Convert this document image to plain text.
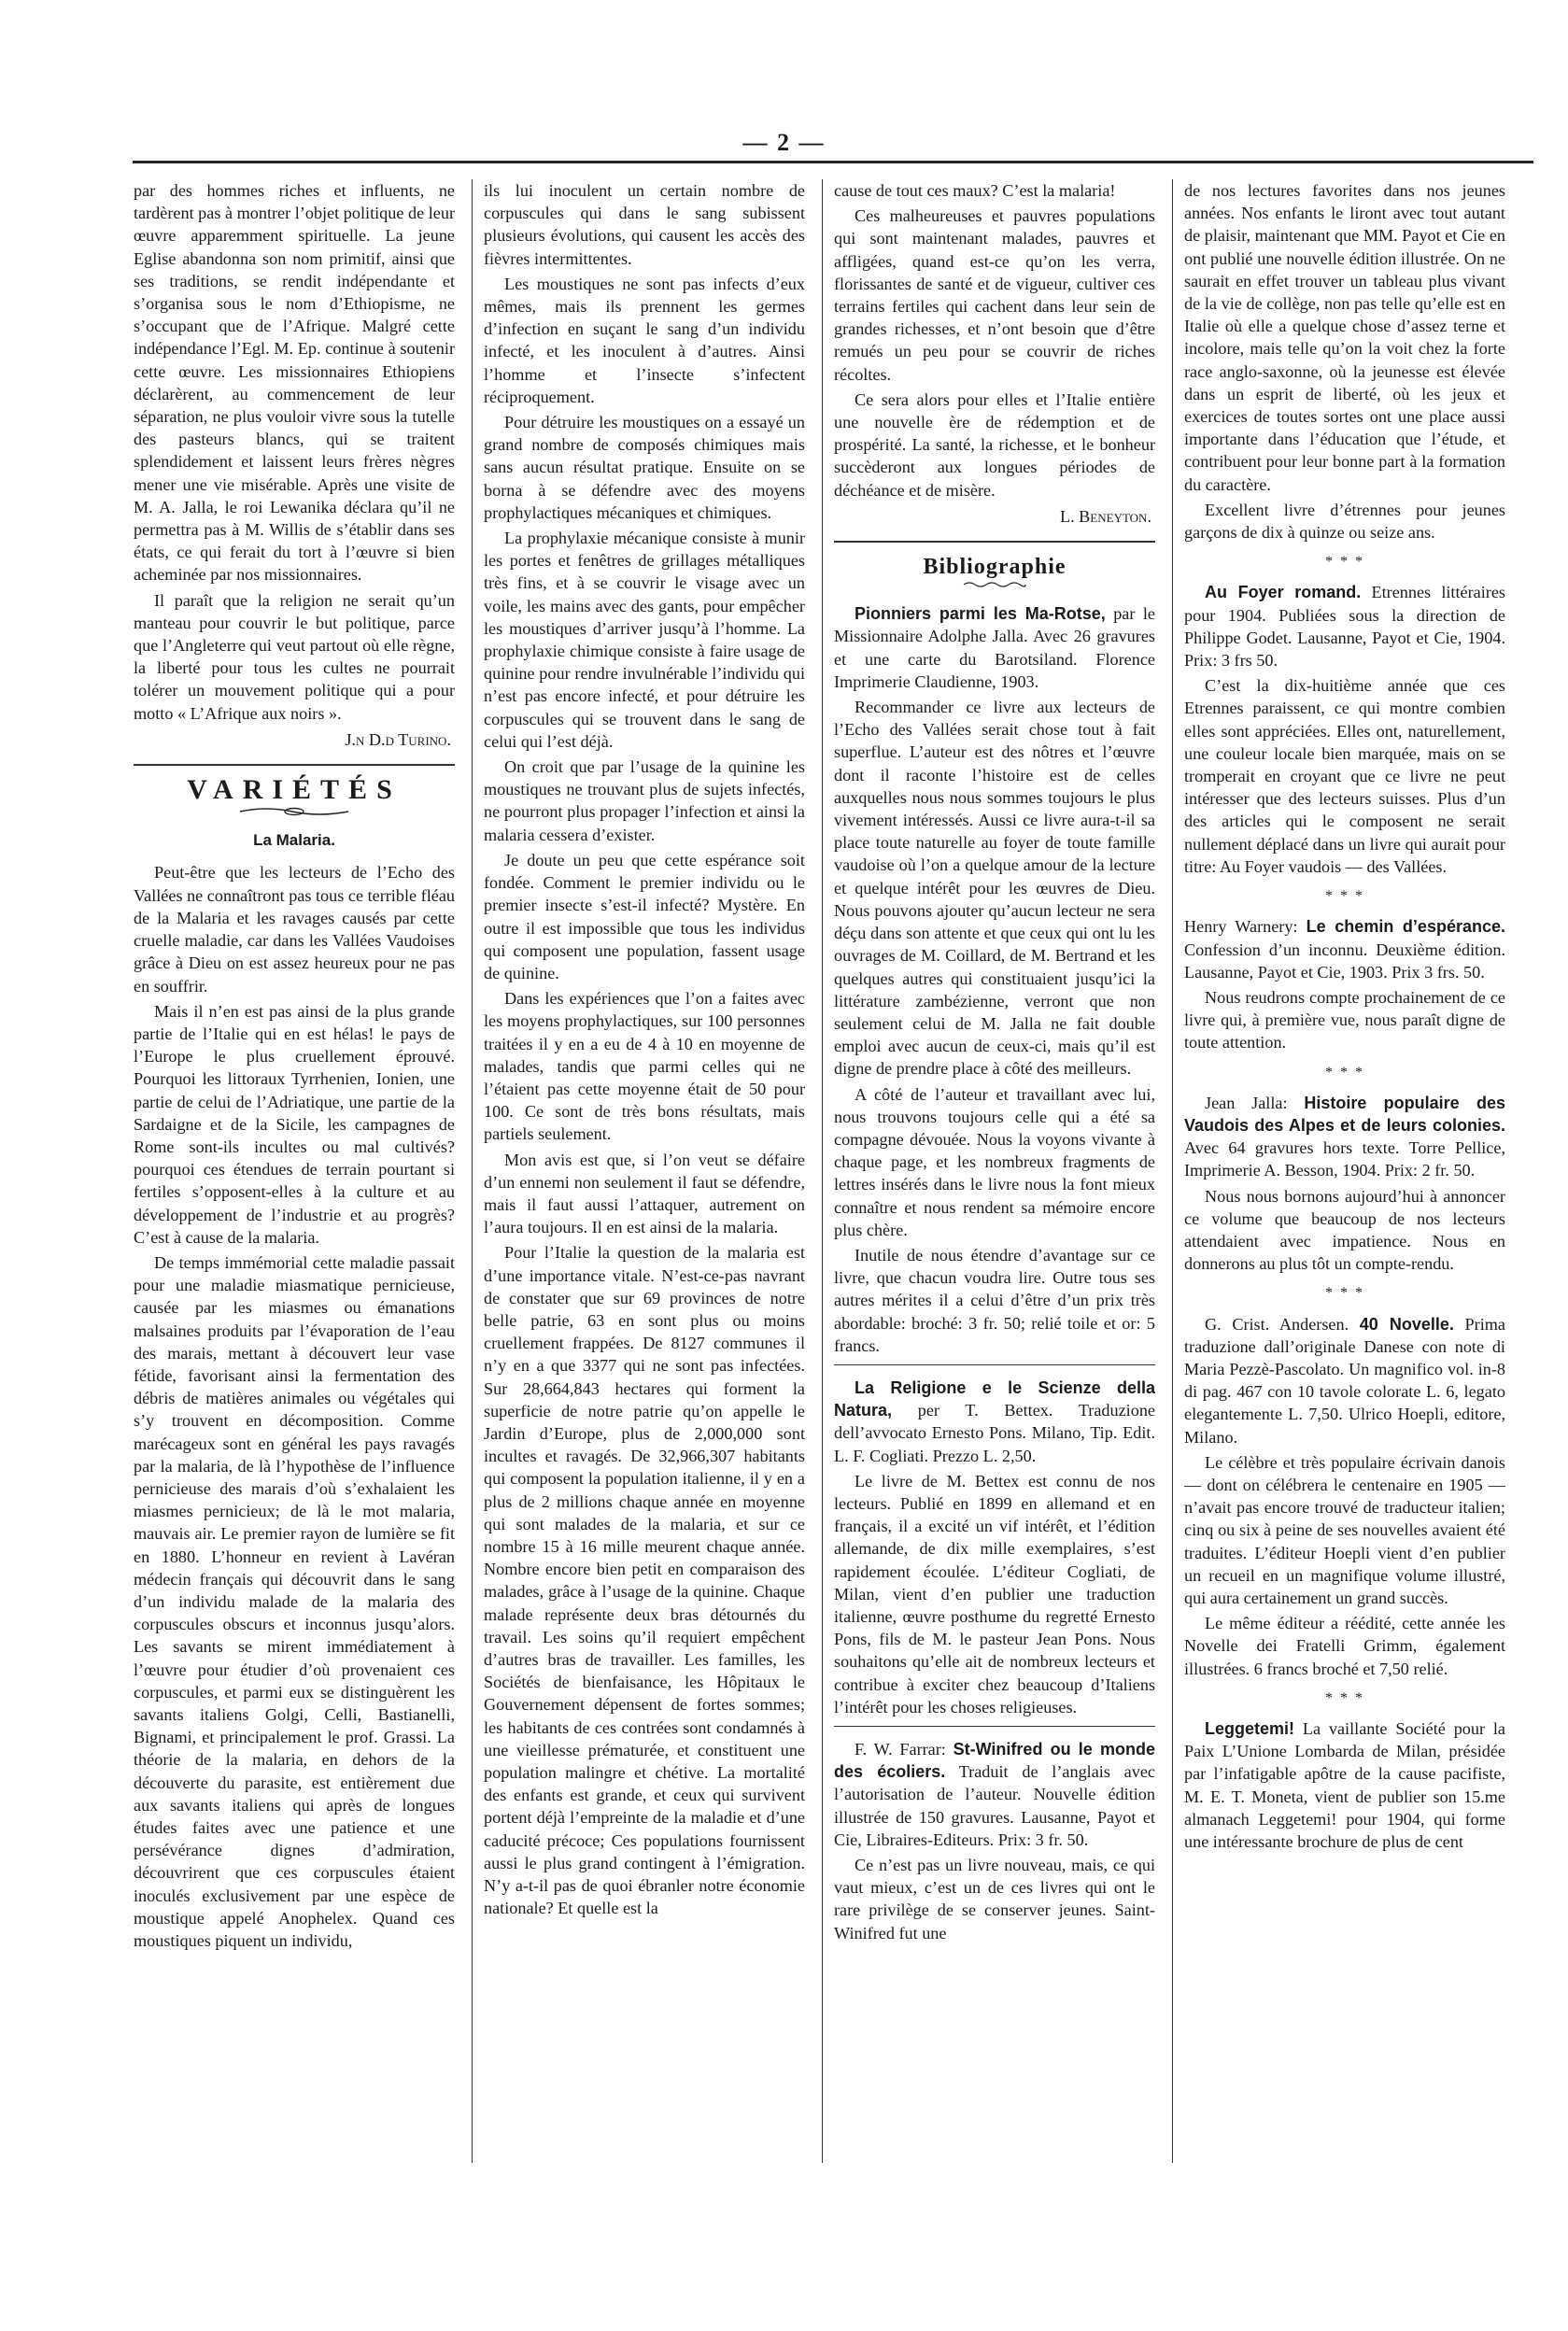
— 2 —

par des hommes riches et influents, ne tardèrent pas à montrer l’objet politique de leur œuvre apparemment spirituelle. La jeune Eglise abandonna son nom primitif, ainsi que ses traditions, se rendit indépendante et s’organisa sous le nom d’Ethiopisme, ne s’occupant que de l’Afrique. Malgré cette indépendance l’Egl. M. Ep. continue à soutenir cette œuvre. Les missionnaires Ethiopiens déclarèrent, au commencement de leur séparation, ne plus vouloir vivre sous la tutelle des pasteurs blancs, qui se traitent splendidement et laissent leurs frères nègres mener une vie misérable. Après une visite de M. A. Jalla, le roi Lewanika déclara qu’il ne permettra pas à M. Willis de s’établir dans ses états, ce qui ferait du tort à l’œuvre si bien acheminée par nos missionnaires.

Il paraît que la religion ne serait qu’un manteau pour couvrir le but politique, parce que l’Angleterre qui veut partout où elle règne, la liberté pour tous les cultes ne pourrait tolérer un mouvement politique qui a pour motto « L’Afrique aux noirs ».

J.n D.d Turino.

VARIÉTÉS
La Malaria.

Peut-être que les lecteurs de l’Echo des Vallées ne connaîtront pas tous ce terrible fléau de la Malaria et les ravages causés par cette cruelle maladie, car dans les Vallées Vaudoises grâce à Dieu on est assez heureux pour ne pas en souffrir.

Mais il n’en est pas ainsi de la plus grande partie de l’Italie qui en est hélas! le pays de l’Europe le plus cruellement éprouvé. Pourquoi les littoraux Tyrrhenien, Ionien, une partie de celui de l’Adriatique, une partie de la Sardaigne et de la Sicile, les campagnes de Rome sont-ils incultes ou mal cultivés? pourquoi ces étendues de terrain pourtant si fertiles s’opposent-elles à la culture et au développement de l’industrie et au progrès? C’est à cause de la malaria.

De temps immémorial cette maladie passait pour une maladie miasmatique pernicieuse, causée par les miasmes ou émanations malsaines produits par l’évaporation de l’eau des marais, mettant à découvert leur vase fétide, favorisant ainsi la fermentation des débris de matières animales ou végétales qui s’y trouvent en décomposition. Comme marécageux sont en général les pays ravagés par la malaria, de là l’hypothèse de l’influence pernicieuse des marais d’où s’exhalaient les miasmes pernicieux; de là le mot malaria, mauvais air. Le premier rayon de lumière se fit en 1880. L’honneur en revient à Lavéran médecin français qui découvrit dans le sang d’un individu malade de la malaria des corpuscules obscurs et inconnus jusqu’alors. Les savants se mirent immédiatement à l’œuvre pour étudier d’où provenaient ces corpuscules, et parmi eux se distinguèrent les savants italiens Golgi, Celli, Bastianelli, Bignami, et principalement le prof. Grassi. La théorie de la malaria, en dehors de la découverte du parasite, est entièrement due aux savants italiens qui après de longues études faites avec une patience et une persévérance dignes d’admiration, découvrirent que ces corpuscules étaient inoculés exclusivement par une espèce de moustique appelé Anophelex. Quand ces moustiques piquent un individu,

ils lui inoculent un certain nombre de corpuscules qui dans le sang subissent plusieurs évolutions, qui causent les accès des fièvres intermittentes.

Les moustiques ne sont pas infects d’eux mêmes, mais ils prennent les germes d’infection en suçant le sang d’un individu infecté, et les inoculent à d’autres. Ainsi l’homme et l’insecte s’infectent réciproquement.

Pour détruire les moustiques on a essayé un grand nombre de composés chimiques mais sans aucun résultat pratique. Ensuite on se borna à se défendre avec des moyens prophylactiques mécaniques et chimiques.

La prophylaxie mécanique consiste à munir les portes et fenêtres de grillages métalliques très fins, et à se couvrir le visage avec un voile, les mains avec des gants, pour empêcher les moustiques d’arriver jusqu’à l’homme. La prophylaxie chimique consiste à faire usage de quinine pour rendre invulnérable l’individu qui n’est pas encore infecté, et pour détruire les corpuscules qui se trouvent dans le sang de celui qui l’est déjà.

On croit que par l’usage de la quinine les moustiques ne trouvant plus de sujets infectés, ne pourront plus propager l’infection et ainsi la malaria cessera d’exister.

Je doute un peu que cette espérance soit fondée. Comment le premier individu ou le premier insecte s’est-il infecté? Mystère. En outre il est impossible que tous les individus qui composent une population, fassent usage de quinine.

Dans les expériences que l’on a faites avec les moyens prophylactiques, sur 100 personnes traitées il y en a eu de 4 à 10 en moyenne de malades, tandis que parmi celles qui ne l’étaient pas cette moyenne était de 50 pour 100. Ce sont de très bons résultats, mais partiels seulement.

Mon avis est que, si l’on veut se défaire d’un ennemi non seulement il faut se défendre, mais il faut aussi l’attaquer, autrement on l’aura toujours. Il en est ainsi de la malaria.

Pour l’Italie la question de la malaria est d’une importance vitale. N’est-ce-pas navrant de constater que sur 69 provinces de notre belle patrie, 63 en sont plus ou moins cruellement frappées. De 8127 communes il n’y en a que 3377 qui ne sont pas infectées. Sur 28,664,843 hectares qui forment la superficie de notre patrie qu’on appelle le Jardin d’Europe, plus de 2,000,000 sont incultes et ravagés. De 32,966,307 habitants qui composent la population italienne, il y en a plus de 2 millions chaque année en moyenne qui sont malades de la malaria, et sur ce nombre 15 à 16 mille meurent chaque année. Nombre encore bien petit en comparaison des malades, grâce à l’usage de la quinine. Chaque malade représente deux bras détournés du travail. Les soins qu’il requiert empêchent d’autres bras de travailler. Les familles, les Sociétés de bienfaisance, les Hôpitaux le Gouvernement dépensent de fortes sommes; les habitants de ces contrées sont condamnés à une vieillesse prématurée, et constituent une population malingre et chétive. La mortalité des enfants est grande, et ceux qui survivent portent déjà l’empreinte de la maladie et d’une caducité précoce; Ces populations fournissent aussi le plus grand contingent à l’émigration. N’y a-t-il pas de quoi ébranler notre économie nationale? Et quelle est la

cause de tout ces maux? C’est la malaria!

Ces malheureuses et pauvres populations qui sont maintenant malades, pauvres et affligées, quand est-ce qu’on les verra, florissantes de santé et de vigueur, cultiver ces terrains fertiles qui cachent dans leur sein de grandes richesses, et n’ont besoin que d’être remués un peu pour se couvrir de riches récoltes.

Ce sera alors pour elles et l’Italie entière une nouvelle ère de rédemption et de prospérité. La santé, la richesse, et le bonheur succèderont aux longues périodes de déchéance et de misère.

L. Beneyton.

Bibliographie

Pionniers parmi les Ma-Rotse, par le Missionnaire Adolphe Jalla. Avec 26 gravures et une carte du Barotsiland. Florence Imprimerie Claudienne, 1903.

Recommander ce livre aux lecteurs de l’Echo des Vallées serait chose tout à fait superflue. L’auteur est des nôtres et l’œuvre dont il raconte l’histoire est de celles auxquelles nous nous sommes toujours le plus vivement intéressés. Aussi ce livre aura-t-il sa place toute naturelle au foyer de toute famille vaudoise où l’on a quelque amour de la lecture et quelque intérêt pour les œuvres de Dieu. Nous pouvons ajouter qu’aucun lecteur ne sera déçu dans son attente et que ceux qui ont lu les ouvrages de M. Coillard, de M. Bertrand et les quelques autres qui constituaient jusqu’ici la littérature zambézienne, verront que non seulement celui de M. Jalla ne fait double emploi avec aucun de ceux-ci, mais qu’il est digne de prendre place à côté des meilleurs.

A côté de l’auteur et travaillant avec lui, nous trouvons toujours celle qui a été sa compagne dévouée. Nous la voyons vivante à chaque page, et les nombreux fragments de lettres insérés dans le livre nous la font mieux connaître et nous rendent sa mémoire encore plus chère.

Inutile de nous étendre d’avantage sur ce livre, que chacun voudra lire. Outre tous ses autres mérites il a celui d’être d’un prix très abordable: broché: 3 fr. 50; relié toile et or: 5 francs.

La Religione e le Scienze della Natura, per T. Bettex. Traduzione dell’avvocato Ernesto Pons. Milano, Tip. Edit. L. F. Cogliati. Prezzo L. 2,50.

Le livre de M. Bettex est connu de nos lecteurs. Publié en 1899 en allemand et en français, il a excité un vif intérêt, et l’édition allemande, de dix mille exemplaires, s’est rapidement écoulée. L’éditeur Cogliati, de Milan, vient d’en publier une traduction italienne, œuvre posthume du regretté Ernesto Pons, fils de M. le pasteur Jean Pons. Nous souhaitons qu’elle ait de nombreux lecteurs et contribue à exciter chez beaucoup d’Italiens l’intérêt pour les choses religieuses.

F. W. Farrar: St-Winifred ou le monde des écoliers. Traduit de l’anglais avec l’autorisation de l’auteur. Nouvelle édition illustrée de 150 gravures. Lausanne, Payot et Cie, Libraires-Editeurs. Prix: 3 fr. 50.

Ce n’est pas un livre nouveau, mais, ce qui vaut mieux, c’est un de ces livres qui ont le rare privilège de se conserver jeunes. Saint-Winifred fut une

de nos lectures favorites dans nos jeunes années. Nos enfants le liront avec tout autant de plaisir, maintenant que MM. Payot et Cie en ont publié une nouvelle édition illustrée. On ne saurait en effet trouver un tableau plus vivant de la vie de collège, non pas telle qu’elle est en Italie où elle a quelque chose d’assez terne et incolore, mais telle qu’on la voit chez la forte race anglo-saxonne, où la jeunesse est élevée dans un esprit de liberté, où les jeux et exercices de toutes sortes ont une place aussi importante dans l’éducation que l’étude, et contribuent pour leur bonne part à la formation du caractère.

Excellent livre d’étrennes pour jeunes garçons de dix à quinze ou seize ans.

* * *

Au Foyer romand. Etrennes littéraires pour 1904. Publiées sous la direction de Philippe Godet. Lausanne, Payot et Cie, 1904. Prix: 3 frs 50.

C’est la dix-huitième année que ces Etrennes paraissent, ce qui montre combien elles sont appréciées. Elles ont, naturellement, une couleur locale bien marquée, mais on se tromperait en croyant que ce livre ne peut intéresser que des lecteurs suisses. Plus d’un des articles qui le composent ne serait nullement déplacé dans un livre qui aurait pour titre: Au Foyer vaudois — des Vallées.

* * *

Henry Warnery: Le chemin d’espérance. Confession d’un inconnu. Deuxième édition. Lausanne, Payot et Cie, 1903. Prix 3 frs. 50.

Nous reudrons compte prochainement de ce livre qui, à première vue, nous paraît digne de toute attention.

* * *

Jean Jalla: Histoire populaire des Vaudois des Alpes et de leurs colonies. Avec 64 gravures hors texte. Torre Pellice, Imprimerie A. Besson, 1904. Prix: 2 fr. 50.

Nous nous bornons aujourd’hui à annoncer ce volume que beaucoup de nos lecteurs attendaient avec impatience. Nous en donnerons au plus tôt un compte-rendu.

* * *

G. Crist. Andersen. 40 Novelle. Prima traduzione dall’originale Danese con note di Maria Pezzè-Pascolato. Un magnifico vol. in-8 di pag. 467 con 10 tavole colorate L. 6, legato elegantemente L. 7,50. Ulrico Hoepli, editore, Milano.

Le célèbre et très populaire écrivain danois — dont on célébrera le centenaire en 1905 — n’avait pas encore trouvé de traducteur italien; cinq ou six à peine de ses nouvelles avaient été traduites. L’éditeur Hoepli vient d’en publier un recueil en un magnifique volume illustré, qui aura certainement un grand succès.

Le même éditeur a réédité, cette année les Novelle dei Fratelli Grimm, également illustrées. 6 francs broché et 7,50 relié.

* * *

Leggetemi! La vaillante Société pour la Paix L’Unione Lombarda de Milan, présidée par l’infatigable apôtre de la cause pacifiste, M. E. T. Moneta, vient de publier son 15.me almanach Leggetemi! pour 1904, qui forme une intéressante brochure de plus de cent
